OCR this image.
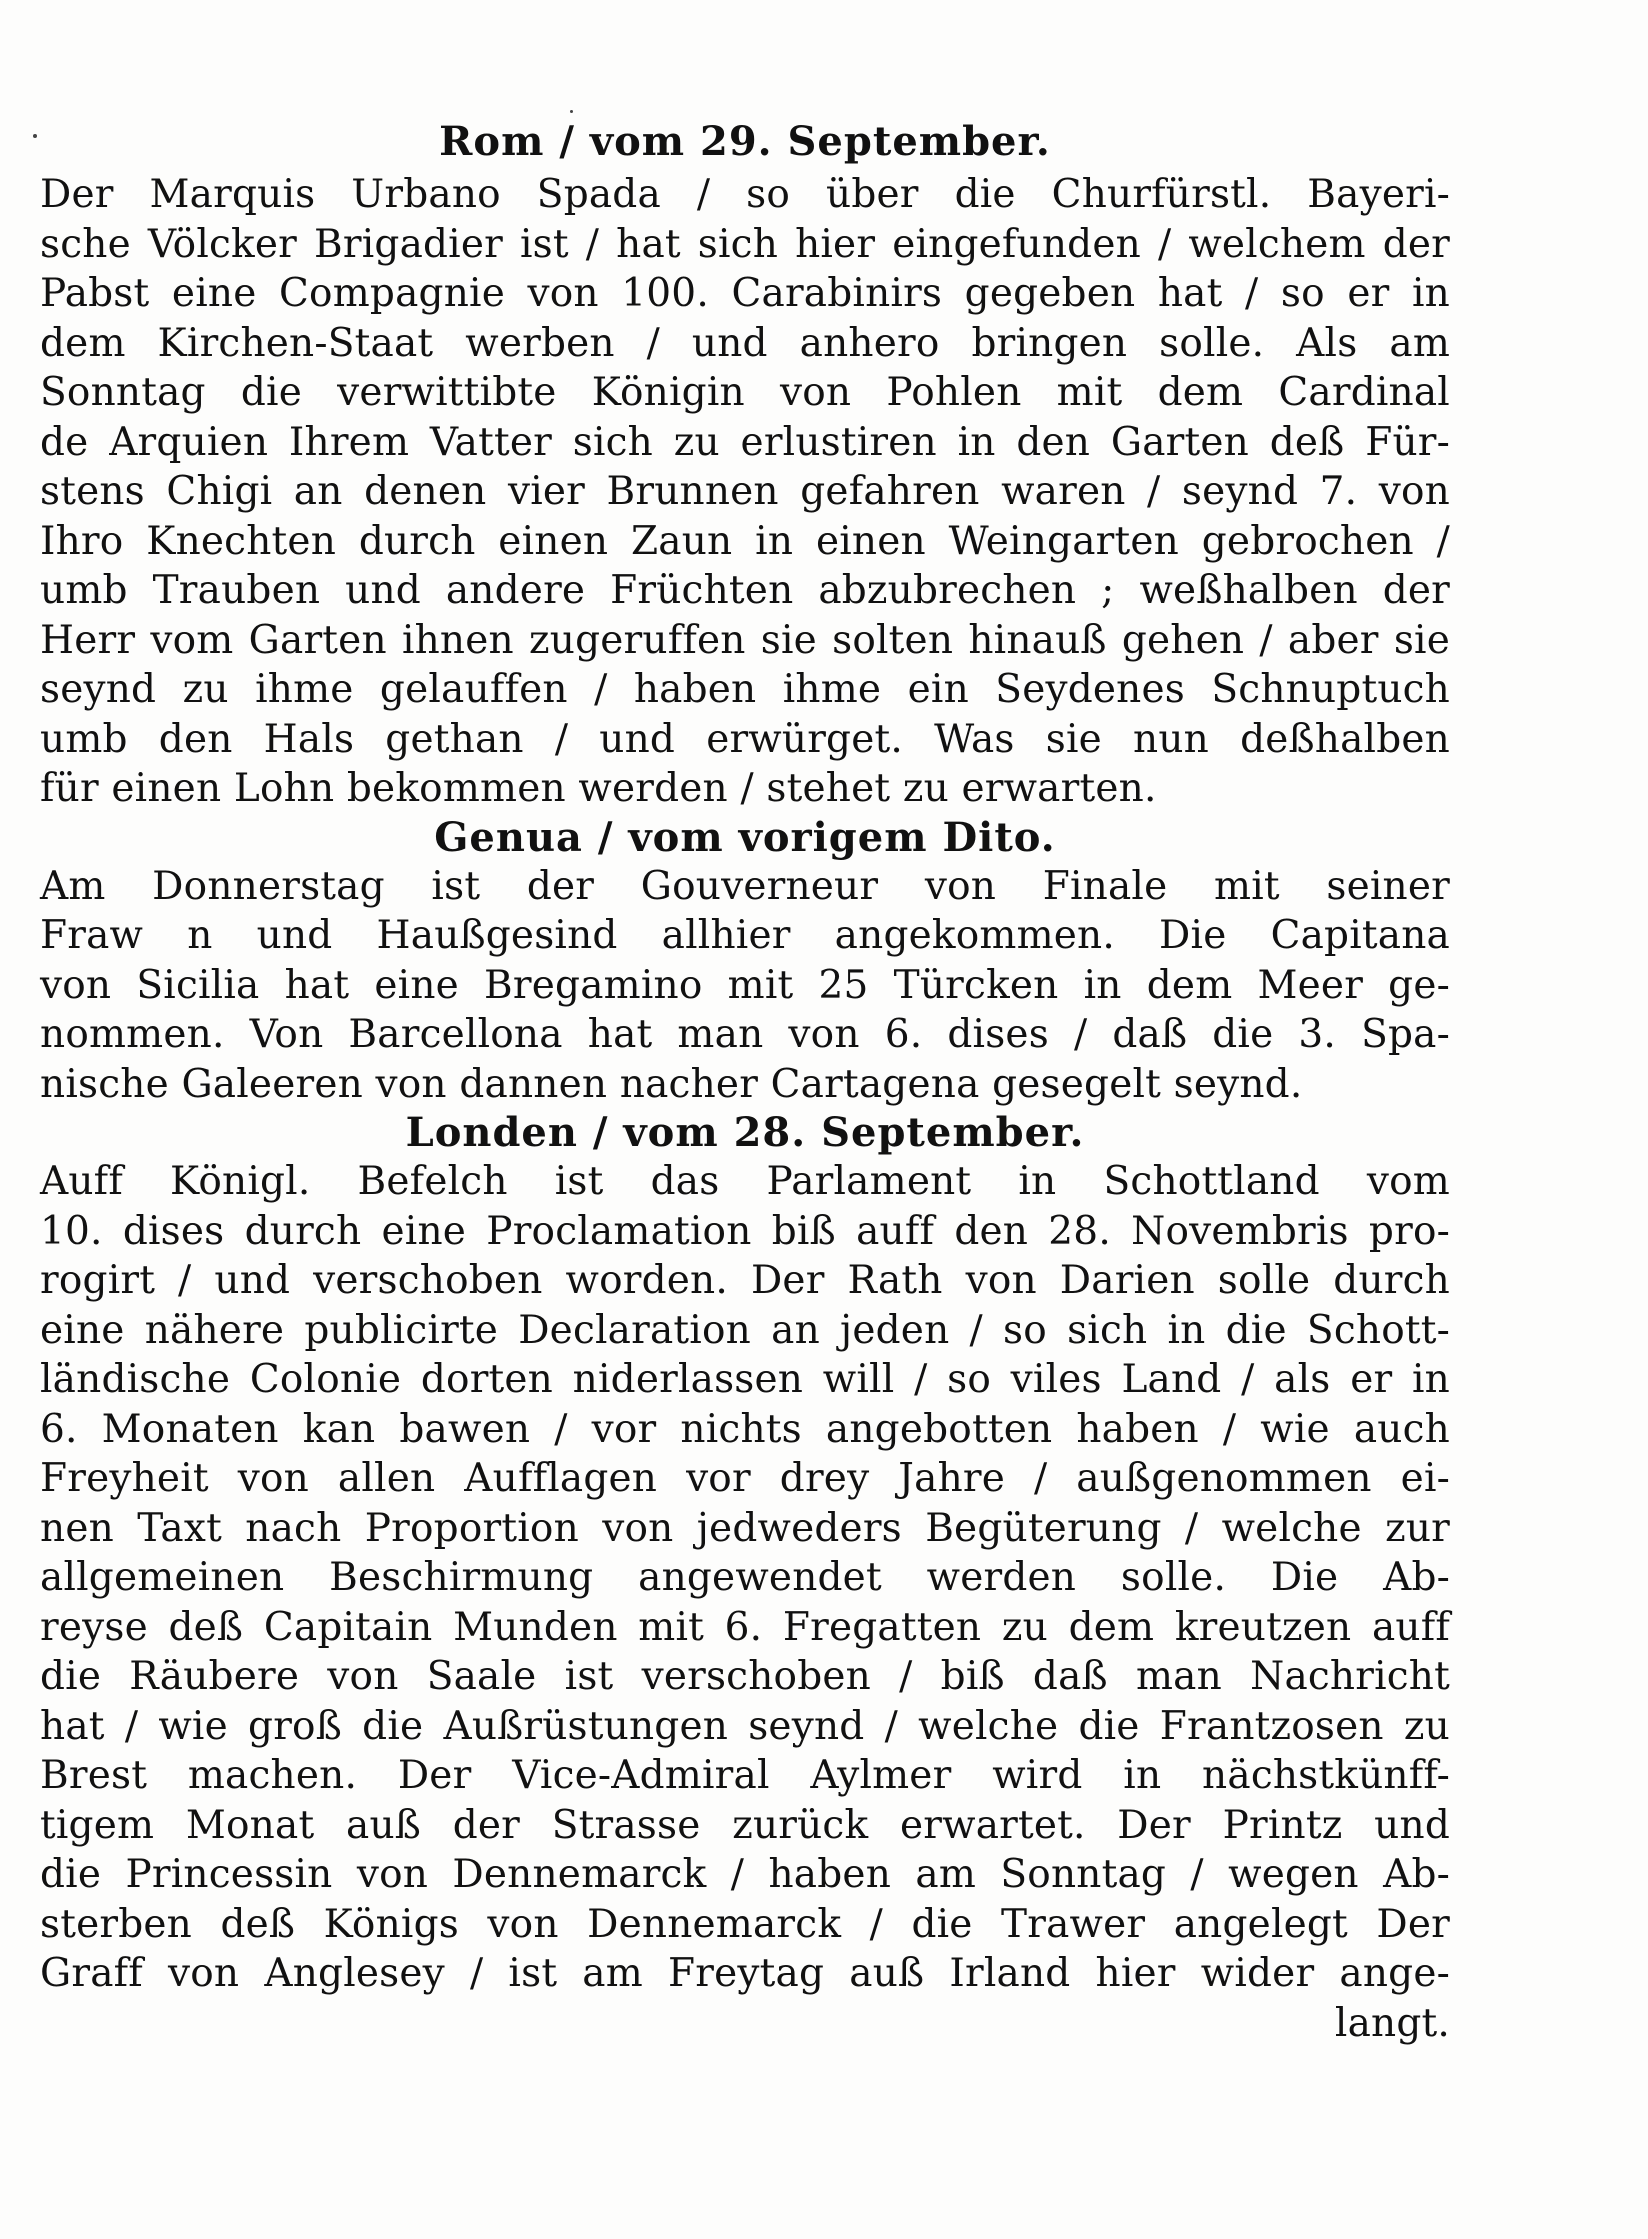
Rom / vom 29. September.
Der Marquis Urbano Spada / so über die Churfürstl. Bayeri-
sche Völcker Brigadier ist / hat sich hier eingefunden / welchem der
Pabst eine Compagnie von 100. Carabinirs gegeben hat / so er in
dem Kirchen-Staat werben / und anhero bringen solle. Als am
Sonntag die verwittibte Königin von Pohlen mit dem Cardinal
de Arquien Ihrem Vatter sich zu erlustiren in den Garten deß Für-
stens Chigi an denen vier Brunnen gefahren waren / seynd 7. von
Ihro Knechten durch einen Zaun in einen Weingarten gebrochen /
umb Trauben und andere Früchten abzubrechen ; weßhalben der
Herr vom Garten ihnen zugeruffen sie solten hinauß gehen / aber sie
seynd zu ihme gelauffen / haben ihme ein Seydenes Schnuptuch
umb den Hals gethan / und erwürget. Was sie nun deßhalben
für einen Lohn bekommen werden / stehet zu erwarten.
Genua / vom vorigem Dito.
Am Donnerstag ist der Gouverneur von Finale mit seiner
Fraw n und Haußgesind allhier angekommen. Die Capitana
von Sicilia hat eine Bregamino mit 25 Türcken in dem Meer ge-
nommen. Von Barcellona hat man von 6. dises / daß die 3. Spa-
nische Galeeren von dannen nacher Cartagena gesegelt seynd.
Londen / vom 28. September.
Auff Königl. Befelch ist das Parlament in Schottland vom
10. dises durch eine Proclamation biß auff den 28. Novembris pro-
rogirt / und verschoben worden. Der Rath von Darien solle durch
eine nähere publicirte Declaration an jeden / so sich in die Schott-
ländische Colonie dorten niderlassen will / so viles Land / als er in
6. Monaten kan bawen / vor nichts angebotten haben / wie auch
Freyheit von allen Aufflagen vor drey Jahre / außgenommen ei-
nen Taxt nach Proportion von jedweders Begüterung / welche zur
allgemeinen Beschirmung angewendet werden solle. Die Ab-
reyse deß Capitain Munden mit 6. Fregatten zu dem kreutzen auff
die Räubere von Saale ist verschoben / biß daß man Nachricht
hat / wie groß die Außrüstungen seynd / welche die Frantzosen zu
Brest machen. Der Vice-Admiral Aylmer wird in nächstkünff-
tigem Monat auß der Strasse zurück erwartet. Der Printz und
die Princessin von Dennemarck / haben am Sonntag / wegen Ab-
sterben deß Königs von Dennemarck / die Trawer angelegt Der
Graff von Anglesey / ist am Freytag auß Irland hier wider ange-
langt.
